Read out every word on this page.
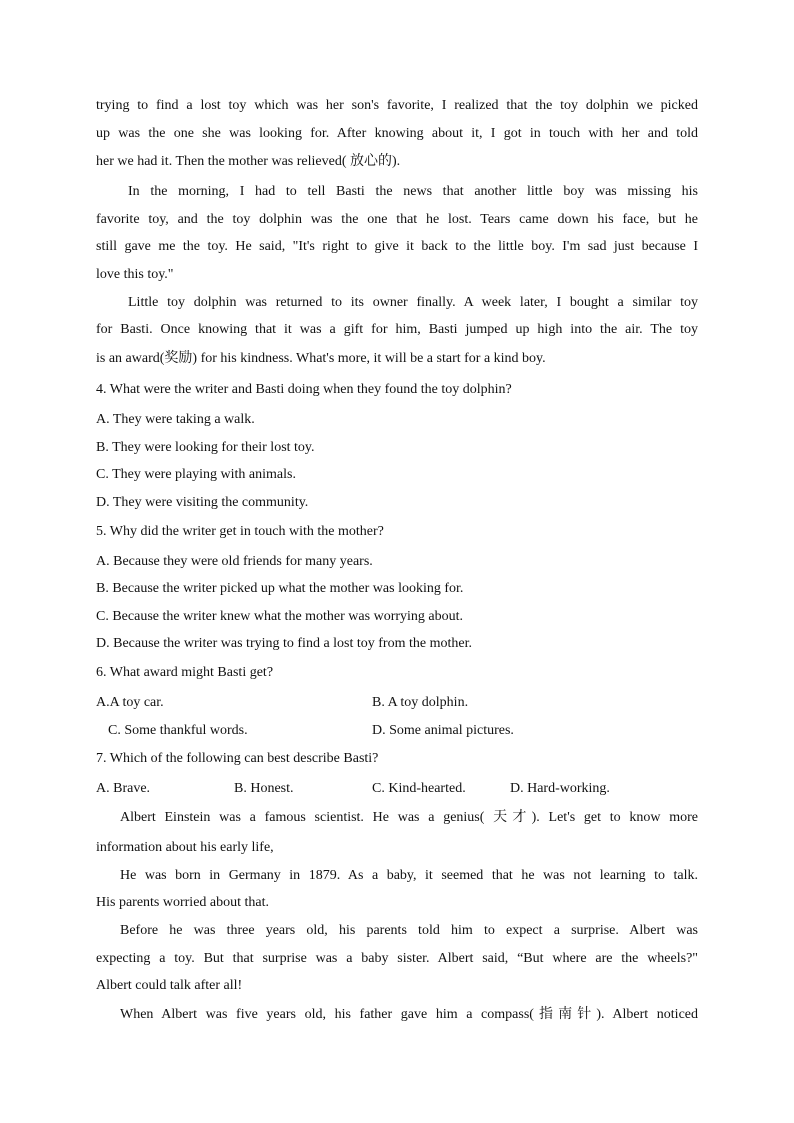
trying to find a lost toy which was her son's favorite, I realized that the toy dolphin we picked
up was the one she was looking for. After knowing about it, I got in touch with her and told
her we had it. Then the mother was relieved( 放心的).
In the morning, I had to tell Basti the news that another little boy was missing his
favorite toy, and the toy dolphin was the one that he lost. Tears came down his face, but he
still gave me the toy. He said, "It's right to give it back to the little boy. I'm sad just because I
love this toy."
Little toy dolphin was returned to its owner finally. A week later, I bought a similar toy
for Basti. Once knowing that it was a gift for him, Basti jumped up high into the air. The toy
is an award(奖励) for his kindness. What's more, it will be a start for a kind boy.
4. What were the writer and Basti doing when they found the toy dolphin?
A. They were taking a walk.
B. They were looking for their lost toy.
C. They were playing with animals.
D. They were visiting the community.
5. Why did the writer get in touch with the mother?
A. Because they were old friends for many years.
B. Because the writer picked up what the mother was looking for.
C. Because the writer knew what the mother was worrying about.
D. Because the writer was trying to find a lost toy from the mother.
6. What award might Basti get?
A.A toy car.	B. A toy dolphin.
C. Some thankful words.	D. Some animal pictures.
7. Which of the following can best describe Basti?
A. Brave.	B. Honest.	C. Kind-hearted.	D. Hard-working.
Albert Einstein was a famous scientist. He was a genius( 天才). Let's get to know more
information about his early life,
He was born in Germany in 1879. As a baby, it seemed that he was not learning to talk.
His parents worried about that.
Before he was three years old, his parents told him to expect a surprise. Albert was
expecting a toy. But that surprise was a baby sister. Albert said, “But where are the wheels?"
Albert could talk after all!
When Albert was five years old, his father gave him a compass(指南针). Albert noticed
